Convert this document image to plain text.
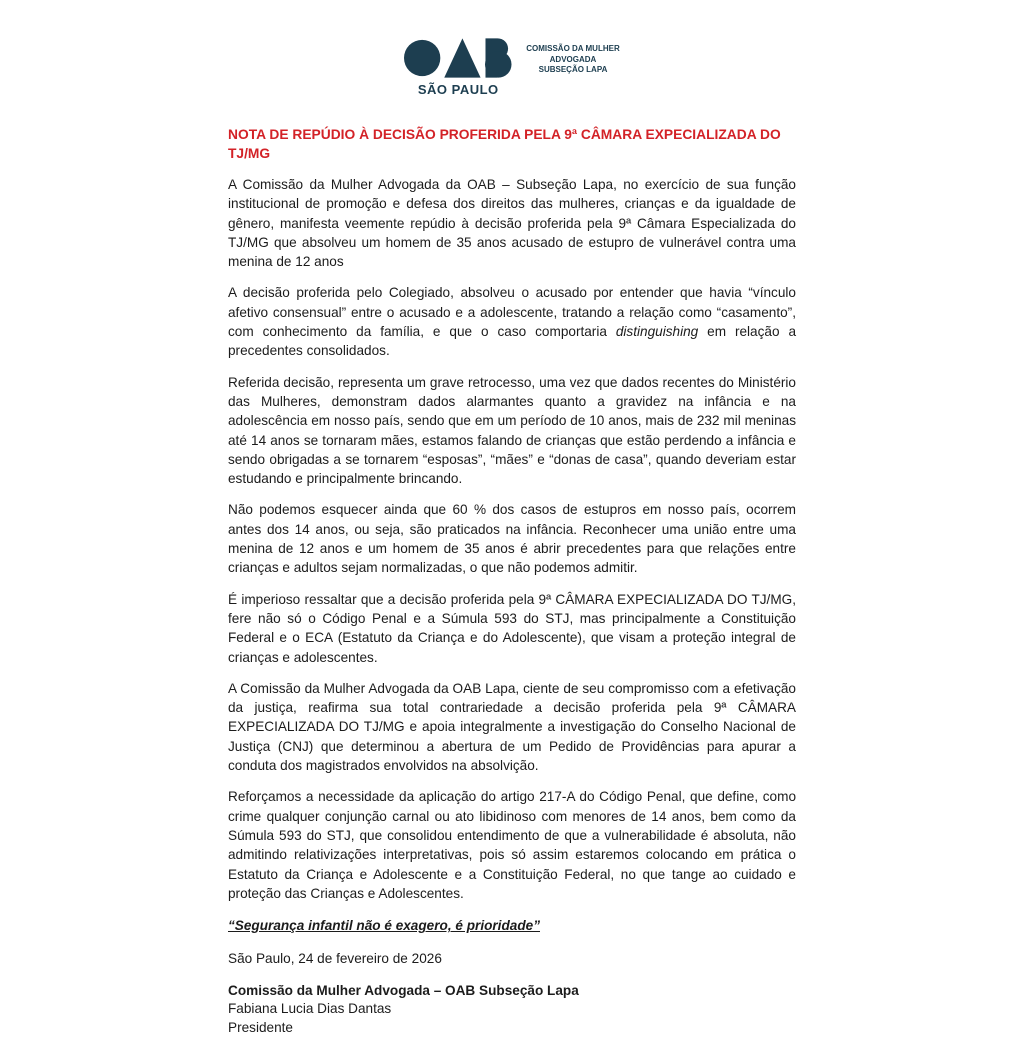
SÃO PAULO
COMISSÃO DA MULHER
ADVOGADA
SUBSEÇÃO LAPA
NOTA DE REPÚDIO À DECISÃO PROFERIDA PELA 9ª CÂMARA EXPECIALIZADA DO TJ/MG

A Comissão da Mulher Advogada da OAB – Subseção Lapa, no exercício de sua função institucional de promoção e defesa dos direitos das mulheres, crianças e da igualdade de gênero, manifesta veemente repúdio à decisão proferida pela 9ª Câmara Especializada do TJ/MG que absolveu um homem de 35 anos acusado de estupro de vulnerável contra uma menina de 12 anos

A decisão proferida pelo Colegiado, absolveu o acusado por entender que havia “vínculo afetivo consensual” entre o acusado e a adolescente, tratando a relação como “casamento”, com conhecimento da família, e que o caso comportaria distinguishing em relação a precedentes consolidados.

Referida decisão, representa um grave retrocesso, uma vez que dados recentes do Ministério das Mulheres, demonstram dados alarmantes quanto a gravidez na infância e na adolescência em nosso país, sendo que em um período de 10 anos, mais de 232 mil meninas até 14 anos se tornaram mães, estamos falando de crianças que estão perdendo a infância e sendo obrigadas a se tornarem “esposas”, “mães” e “donas de casa”, quando deveriam estar estudando e principalmente brincando.

Não podemos esquecer ainda que 60 % dos casos de estupros em nosso país, ocorrem antes dos 14 anos, ou seja, são praticados na infância. Reconhecer uma união entre uma menina de 12 anos e um homem de 35 anos é abrir precedentes para que relações entre crianças e adultos sejam normalizadas, o que não podemos admitir.

É imperioso ressaltar que a decisão proferida pela 9ª CÂMARA EXPECIALIZADA DO TJ/MG, fere não só o Código Penal e a Súmula 593 do STJ, mas principalmente a Constituição Federal e o ECA (Estatuto da Criança e do Adolescente), que visam a proteção integral de crianças e adolescentes.

A Comissão da Mulher Advogada da OAB Lapa, ciente de seu compromisso com a efetivação da justiça, reafirma sua total contrariedade a decisão proferida pela 9ª CÂMARA EXPECIALIZADA DO TJ/MG e apoia integralmente a investigação do Conselho Nacional de Justiça (CNJ) que determinou a abertura de um Pedido de Providências para apurar a conduta dos magistrados envolvidos na absolvição.

Reforçamos a necessidade da aplicação do artigo 217-A do Código Penal, que define, como crime qualquer conjunção carnal ou ato libidinoso com menores de 14 anos, bem como da Súmula 593 do STJ, que consolidou entendimento de que a vulnerabilidade é absoluta, não admitindo relativizações interpretativas, pois só assim estaremos colocando em prática o Estatuto da Criança e Adolescente e a Constituição Federal, no que tange ao cuidado e proteção das Crianças e Adolescentes.

“Segurança infantil não é exagero, é prioridade”
São Paulo, 24 de fevereiro de 2026
Comissão da Mulher Advogada – OAB Subseção Lapa
Fabiana Lucia Dias Dantas
Presidente
